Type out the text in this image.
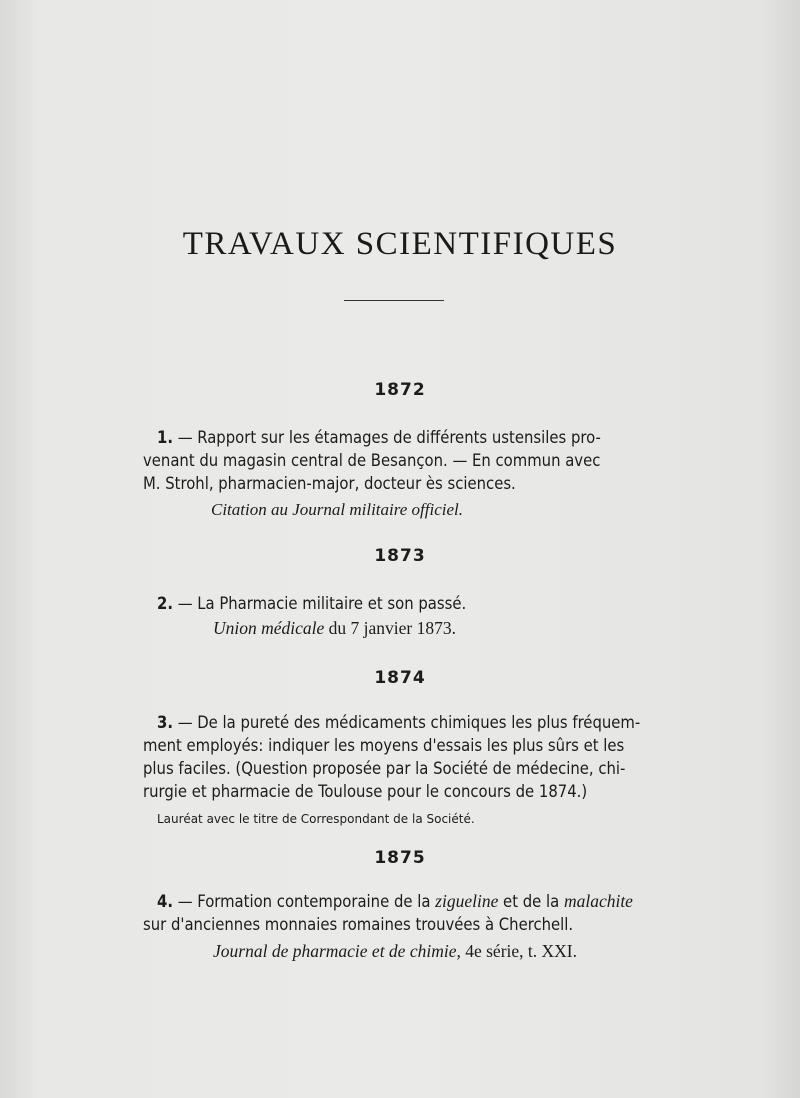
TRAVAUX SCIENTIFIQUES
1872
1. — Rapport sur les étamages de différents ustensiles pro-
venant du magasin central de Besançon. — En commun avec
M. Strohl, pharmacien-major, docteur ès sciences.
Citation au Journal militaire officiel.
1873
2. — La Pharmacie militaire et son passé.
Union médicale du 7 janvier 1873.
1874
3. — De la pureté des médicaments chimiques les plus fréquem-
ment employés: indiquer les moyens d'essais les plus sûrs et les
plus faciles. (Question proposée par la Société de médecine, chi-
rurgie et pharmacie de Toulouse pour le concours de 1874.)
Lauréat avec le titre de Correspondant de la Société.
1875
4. — Formation contemporaine de la zigueline et de la malachite
sur d'anciennes monnaies romaines trouvées à Cherchell.
Journal de pharmacie et de chimie, 4e série, t. XXI.
